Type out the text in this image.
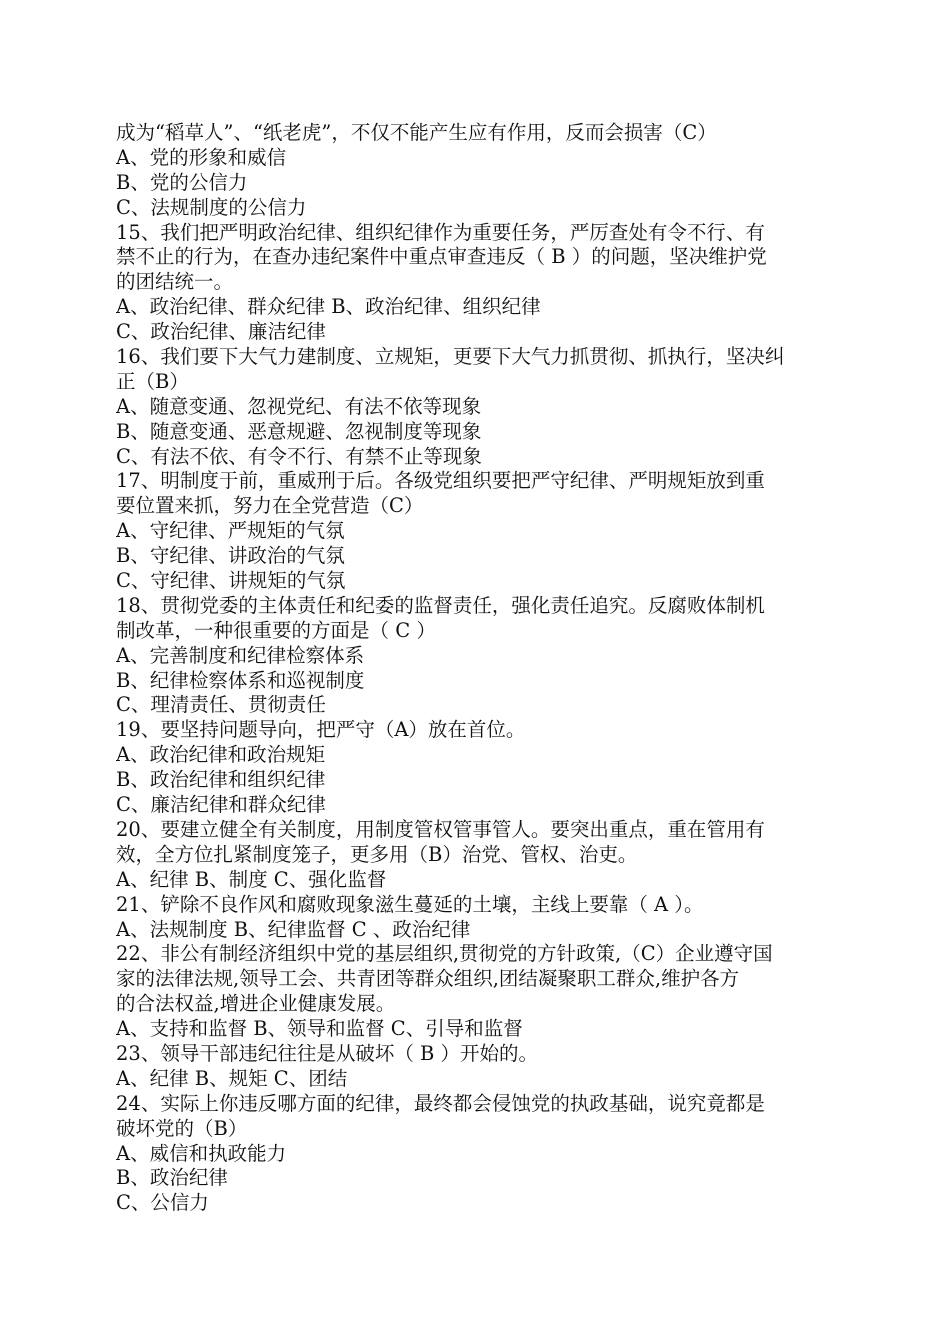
成为“稻草人”、“纸老虎”，不仅不能产生应有作用，反而会损害（C）
A、党的形象和威信
B、党的公信力
C、法规制度的公信力
15、我们把严明政治纪律、组织纪律作为重要任务，严厉查处有令不行、有
禁不止的行为，在查办违纪案件中重点审查违反（ B ）的问题，坚决维护党
的团结统一。
A、政治纪律、群众纪律 B、政治纪律、组织纪律
C、政治纪律、廉洁纪律
16、我们要下大气力建制度、立规矩，更要下大气力抓贯彻、抓执行，坚决纠
正（B）
A、随意变通、忽视党纪、有法不依等现象
B、随意变通、恶意规避、忽视制度等现象
C、有法不依、有令不行、有禁不止等现象
17、明制度于前，重威刑于后。各级党组织要把严守纪律、严明规矩放到重
要位置来抓，努力在全党营造（C）
A、守纪律、严规矩的气氛
B、守纪律、讲政治的气氛
C、守纪律、讲规矩的气氛
18、贯彻党委的主体责任和纪委的监督责任，强化责任追究。反腐败体制机
制改革，一种很重要的方面是（ C ）
A、完善制度和纪律检察体系
B、纪律检察体系和巡视制度
C、理清责任、贯彻责任
19、要坚持问题导向，把严守（A）放在首位。
A、政治纪律和政治规矩
B、政治纪律和组织纪律
C、廉洁纪律和群众纪律
20、要建立健全有关制度，用制度管权管事管人。要突出重点，重在管用有
效，全方位扎紧制度笼子，更多用（B）治党、管权、治吏。
A、纪律 B、制度 C、强化监督
21、铲除不良作风和腐败现象滋生蔓延的土壤，主线上要靠（ A ）。
A、法规制度 B、纪律监督 C 、政治纪律
22、非公有制经济组织中党的基层组织,贯彻党的方针政策,（C）企业遵守国
家的法律法规,领导工会、共青团等群众组织,团结凝聚职工群众,维护各方
的合法权益,增进企业健康发展。
A、支持和监督 B、领导和监督 C、引导和监督
23、领导干部违纪往往是从破坏（ B ）开始的。
A、纪律 B、规矩 C、团结
24、实际上你违反哪方面的纪律，最终都会侵蚀党的执政基础，说究竟都是
破坏党的（B）
A、威信和执政能力
B、政治纪律
C、公信力
